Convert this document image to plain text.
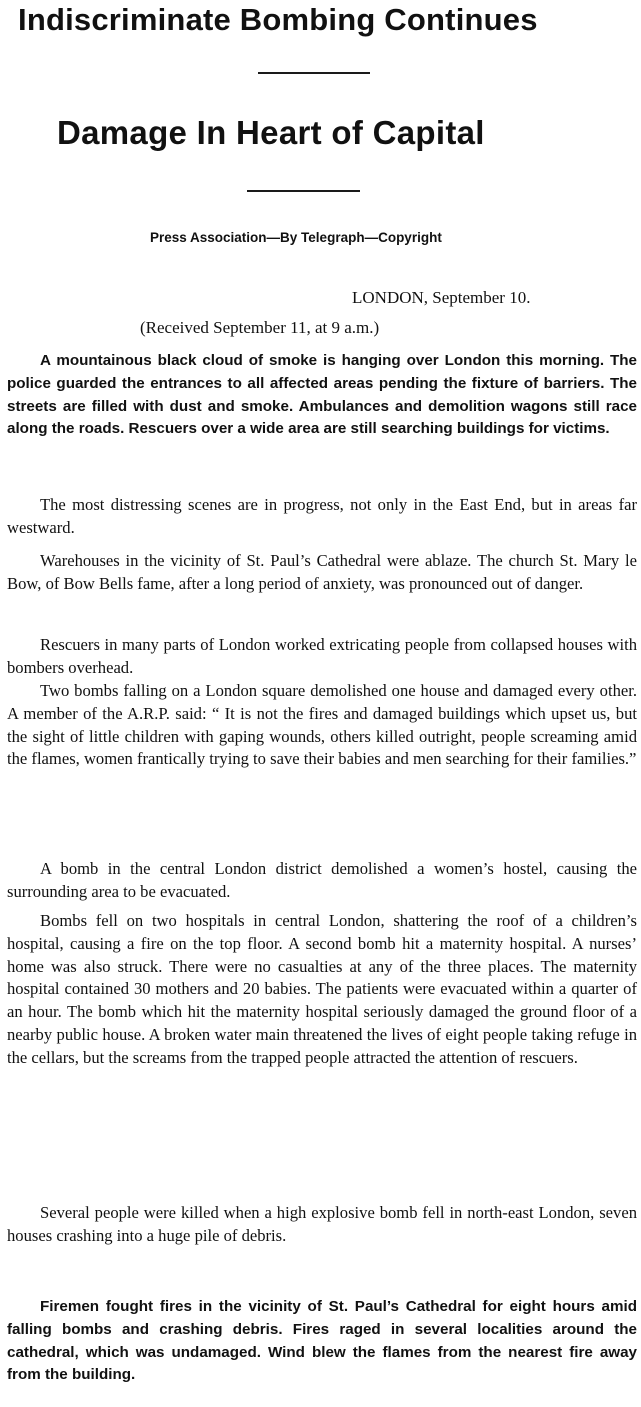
Indiscriminate Bombing Continues
Damage In Heart of Capital
Press Association—By Telegraph—Copyright
LONDON, September 10.
(Received September 11, at 9 a.m.)

A mountainous black cloud of smoke is hanging over London this morning. The police guarded the entrances to all affected areas pending the fixture of barriers. The streets are filled with dust and smoke. Ambulances and demolition wagons still race along the roads. Rescuers over a wide area are still searching buildings for victims.

The most distressing scenes are in progress, not only in the East End, but in areas far westward.

Warehouses in the vicinity of St. Paul’s Cathedral were ablaze. The church St. Mary le Bow, of Bow Bells fame, after a long period of anxiety, was pronounced out of danger.

Rescuers in many parts of London worked extricating people from collapsed houses with bombers overhead.

Two bombs falling on a London square demolished one house and damaged every other. A member of the A.R.P. said: “ It is not the fires and damaged buildings which upset us, but the sight of little children with gaping wounds, others killed outright, people screaming amid the flames, women frantically trying to save their babies and men searching for their families.”

A bomb in the central London district demolished a women’s hostel, causing the surrounding area to be evacuated.

Bombs fell on two hospitals in central London, shattering the roof of a children’s hospital, causing a fire on the top floor. A second bomb hit a maternity hospital. A nurses’ home was also struck. There were no casualties at any of the three places. The maternity hospital contained 30 mothers and 20 babies. The patients were evacuated within a quarter of an hour. The bomb which hit the maternity hospital seriously damaged the ground floor of a nearby public house. A broken water main threatened the lives of eight people taking refuge in the cellars, but the screams from the trapped people attracted the attention of rescuers.

Several people were killed when a high explosive bomb fell in north-east London, seven houses crashing into a huge pile of debris.

Firemen fought fires in the vicinity of St. Paul’s Cathedral for eight hours amid falling bombs and crashing debris. Fires raged in several localities around the cathedral, which was undamaged. Wind blew the flames from the nearest fire away from the building.
